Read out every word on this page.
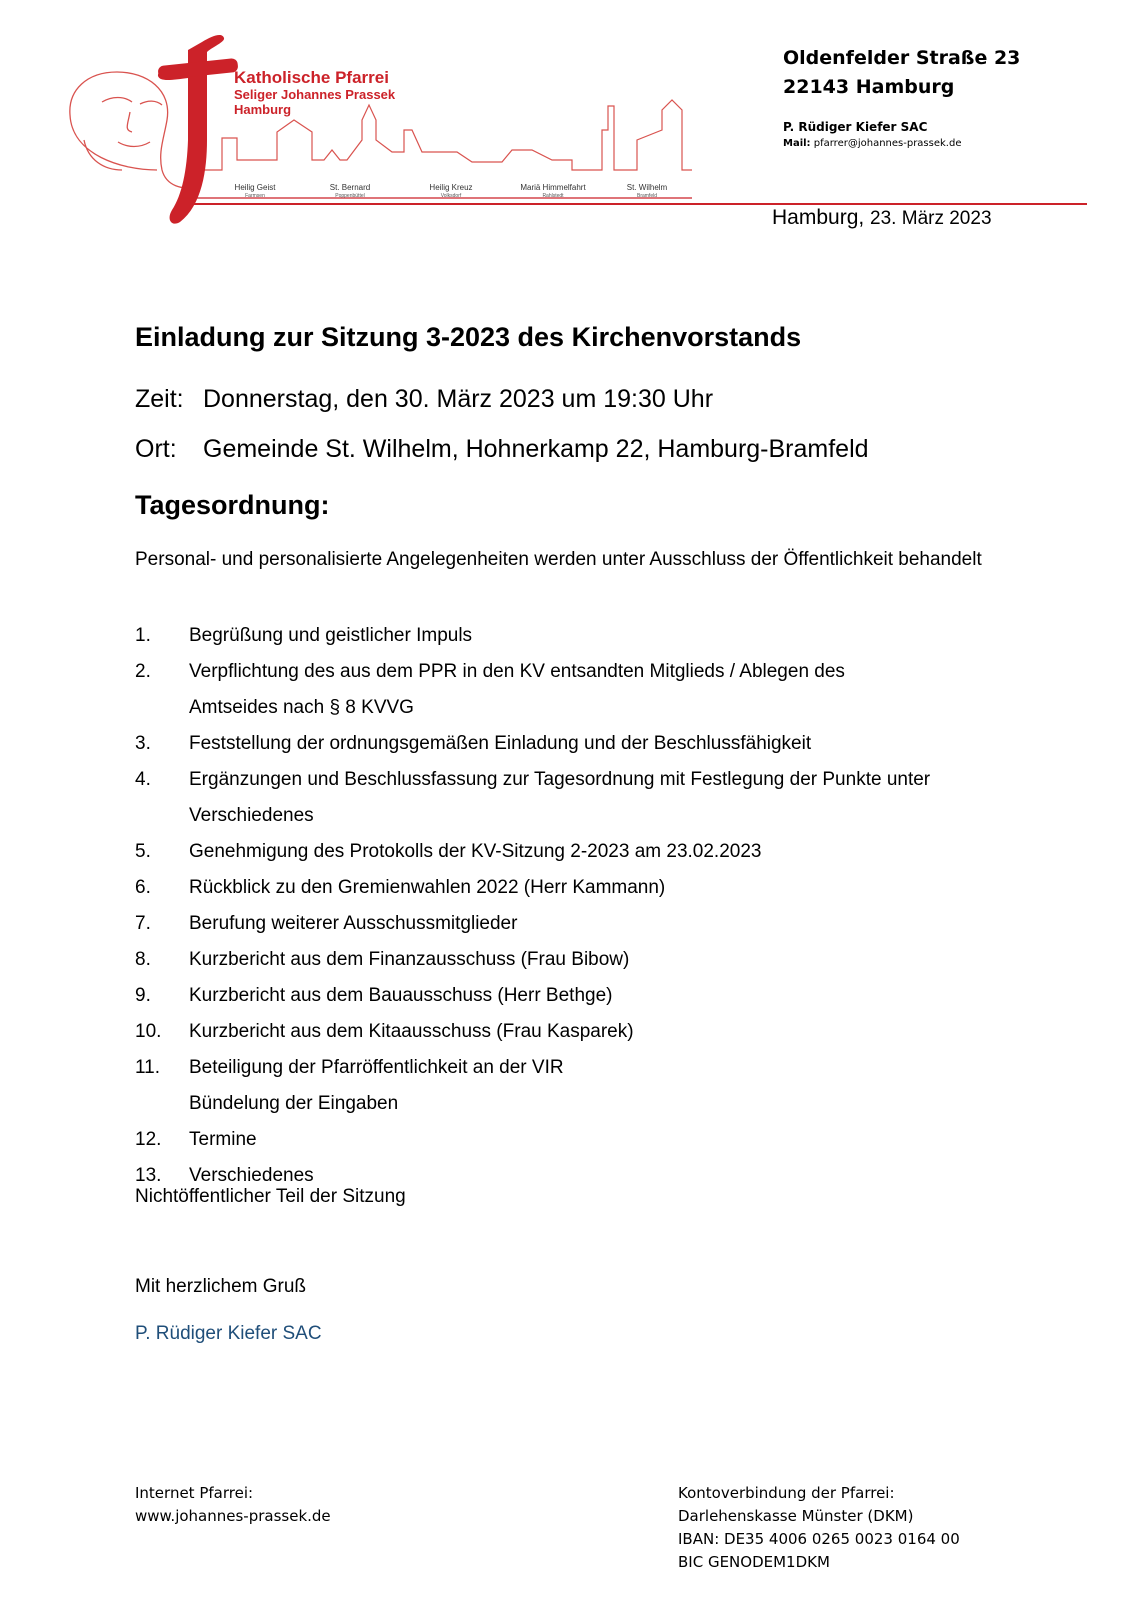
Katholische Pfarrei
Seliger Johannes Prassek
Hamburg
Heilig Geist
Farmsen
St. Bernard
Poppenbüttel
Heilig Kreuz
Volksdorf
Mariä Himmelfahrt
Rahlstedt
St. Wilhelm
Bramfeld
Oldenfelder Straße 23
22143 Hamburg
P. Rüdiger Kiefer SAC
Mail: pfarrer@johannes-prassek.de
Hamburg, 23. März 2023
Einladung zur Sitzung 3-2023 des Kirchenvorstands
Zeit: Donnerstag, den 30. März 2023 um 19:30 Uhr
Ort: Gemeinde St. Wilhelm, Hohnerkamp 22, Hamburg-Bramfeld
Tagesordnung:
Personal- und personalisierte Angelegenheiten werden unter Ausschluss der Öffentlichkeit behandelt
1.	Begrüßung und geistlicher Impuls
2.	Verpflichtung des aus dem PPR in den KV entsandten Mitglieds / Ablegen des
Amtseides nach § 8 KVVG
3.	Feststellung der ordnungsgemäßen Einladung und der Beschlussfähigkeit
4.	Ergänzungen und Beschlussfassung zur Tagesordnung mit Festlegung der Punkte unter
Verschiedenes
5.	Genehmigung des Protokolls der KV-Sitzung 2-2023 am 23.02.2023
6.	Rückblick zu den Gremienwahlen 2022 (Herr Kammann)
7.	Berufung weiterer Ausschussmitglieder
8.	Kurzbericht aus dem Finanzausschuss (Frau Bibow)
9.	Kurzbericht aus dem Bauausschuss (Herr Bethge)
10.	Kurzbericht aus dem Kitaausschuss (Frau Kasparek)
11.	Beteiligung der Pfarröffentlichkeit an der VIR
Bündelung der Eingaben
12.	Termine
13.	Verschiedenes
Nichtöffentlicher Teil der Sitzung
Mit herzlichem Gruß
P. Rüdiger Kiefer SAC
Internet Pfarrei:
www.johannes-prassek.de
Kontoverbindung der Pfarrei:
Darlehenskasse Münster (DKM)
IBAN: DE35 4006 0265 0023 0164 00
BIC GENODEM1DKM
